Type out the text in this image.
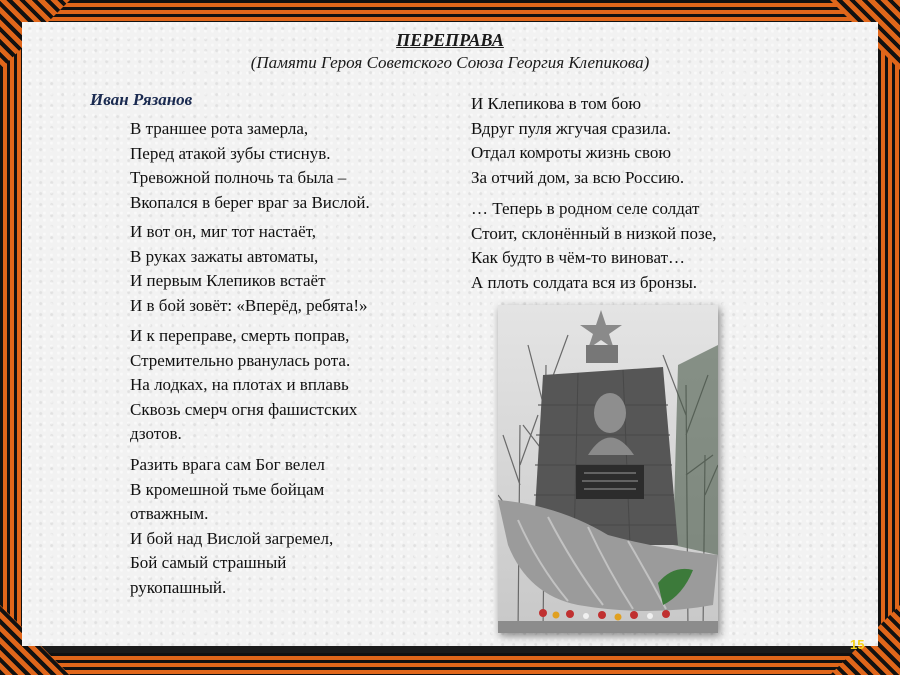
ПЕРЕПРАВА
(Памяти Героя Советского Союза Георгия Клепикова)
Иван Рязанов
В траншее рота замерла,
Перед атакой зубы стиснув.
Тревожной полночь та была –
Вкопался в берег враг за Вислой.
И вот он, миг тот настаёт,
В руках зажаты автоматы,
И первым Клепиков встаёт
И в бой зовёт: «Вперёд, ребята!»
И к переправе, смерть поправ,
Стремительно рванулась рота.
На лодках, на плотах и вплавь
Сквозь смерч огня фашистских
дзотов.
Разить врага сам Бог велел
В кромешной тьме бойцам
отважным.
И бой над Вислой загремел,
Бой самый страшный
рукопашный.
И Клепикова в том бою
Вдруг пуля жгучая сразила.
Отдал комроты жизнь свою
За отчий дом, за всю Россию.
… Теперь в родном селе солдат
Стоит, склонённый в низкой позе,
Как будто в чём-то виноват…
А плоть солдата вся из бронзы.
15
